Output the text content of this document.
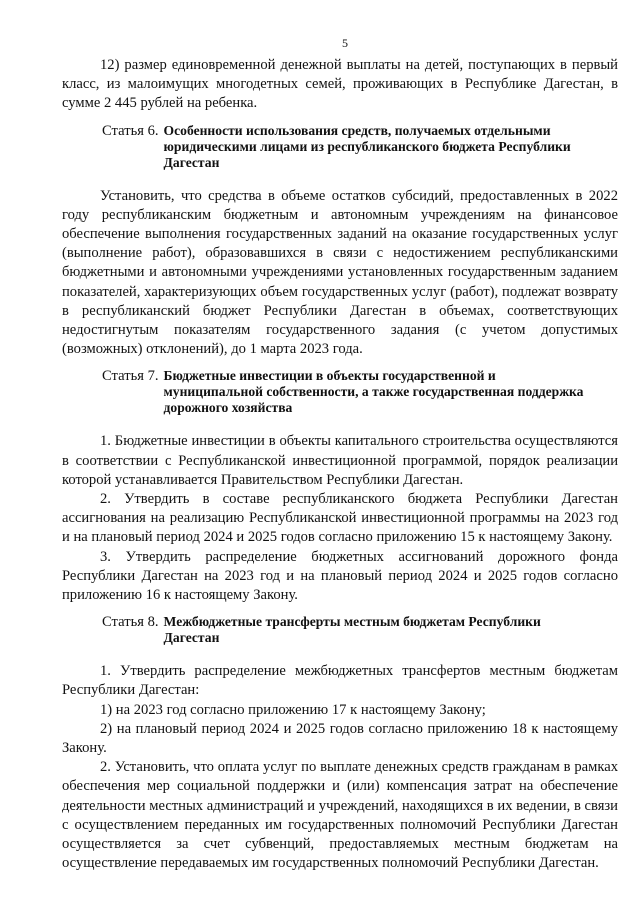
5

12) размер единовременной денежной выплаты на детей, поступающих в первый класс, из малоимущих многодетных семей, проживающих в Республике Дагестан, в сумме 2 445 рублей на ребенка.

Статья 6. Особенности использования средств, получаемых отдельными юридическими лицами из республиканского бюджета Республики Дагестан

Установить, что средства в объеме остатков субсидий, предоставленных в 2022 году республиканским бюджетным и автономным учреждениям на финансовое обеспечение выполнения государственных заданий на оказание государственных услуг (выполнение работ), образовавшихся в связи с недостижением республиканскими бюджетными и автономными учреждениями установленных государственным заданием показателей, характеризующих объем государственных услуг (работ), подлежат возврату в республиканский бюджет Республики Дагестан в объемах, соответствующих недостигнутым показателям государственного задания (с учетом допустимых (возможных) отклонений), до 1 марта 2023 года.

Статья 7. Бюджетные инвестиции в объекты государственной и муниципальной собственности, а также государственная поддержка дорожного хозяйства

1. Бюджетные инвестиции в объекты капитального строительства осуществляются в соответствии с Республиканской инвестиционной программой, порядок реализации которой устанавливается Правительством Республики Дагестан.

2. Утвердить в составе республиканского бюджета Республики Дагестан ассигнования на реализацию Республиканской инвестиционной программы на 2023 год и на плановый период 2024 и 2025 годов согласно приложению 15 к настоящему Закону.

3. Утвердить распределение бюджетных ассигнований дорожного фонда Республики Дагестан на 2023 год и на плановый период 2024 и 2025 годов согласно приложению 16 к настоящему Закону.

Статья 8. Межбюджетные трансферты местным бюджетам Республики Дагестан

1. Утвердить распределение межбюджетных трансфертов местным бюджетам Республики Дагестан:

1) на 2023 год согласно приложению 17 к настоящему Закону;

2) на плановый период 2024 и 2025 годов согласно приложению 18 к настоящему Закону.

2. Установить, что оплата услуг по выплате денежных средств гражданам в рамках обеспечения мер социальной поддержки и (или) компенсация затрат на обеспечение деятельности местных администраций и учреждений, находящихся в их ведении, в связи с осуществлением переданных им государственных полномочий Республики Дагестан осуществляется за счет субвенций, предоставляемых местным бюджетам на осуществление передаваемых им государственных полномочий Республики Дагестан.
